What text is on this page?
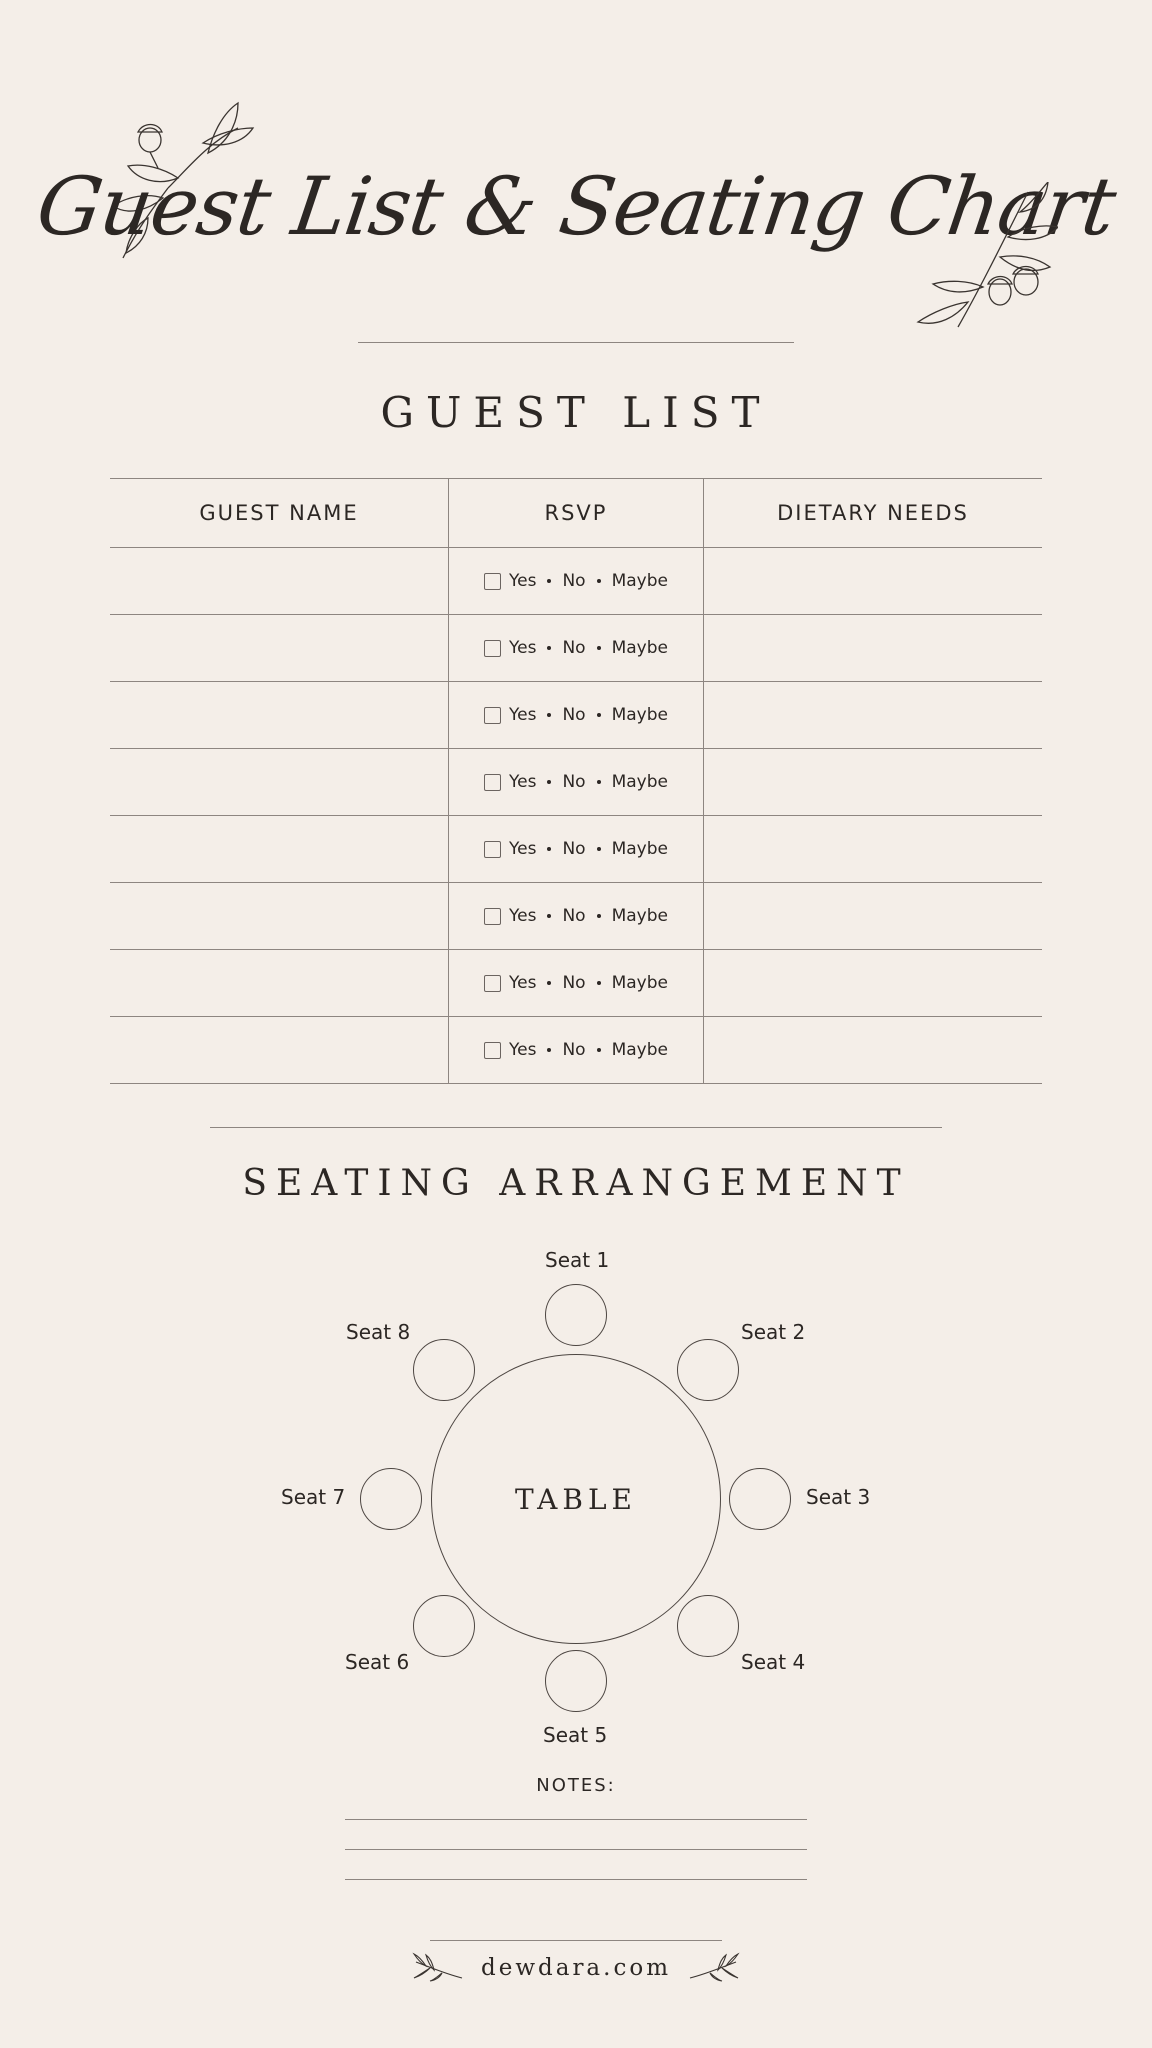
Guest List & Seating Chart
GUEST LIST
GUEST NAME	RSVP	DIETARY NEEDS
Yes No Maybe
Yes No Maybe
Yes No Maybe
Yes No Maybe
Yes No Maybe
Yes No Maybe
Yes No Maybe
Yes No Maybe
SEATING ARRANGEMENT
TABLE
Seat 1
Seat 2
Seat 3
Seat 4
Seat 5
Seat 6
Seat 7
Seat 8
NOTES:
dewdara.com
